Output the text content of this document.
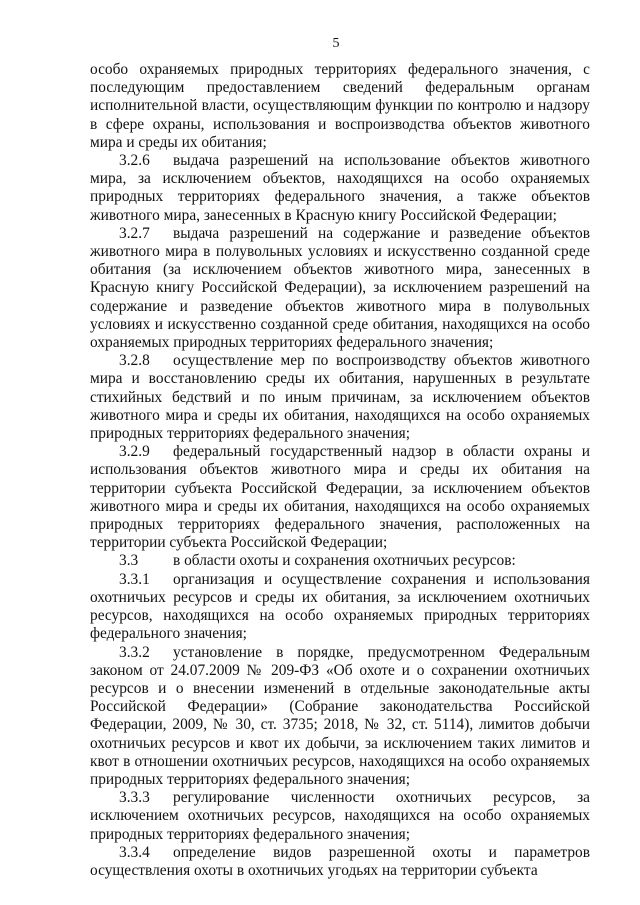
5

особо охраняемых природных территориях федерального значения, с последующим предоставлением сведений федеральным органам исполнительной власти, осуществляющим функции по контролю и надзору в сфере охраны, использования и воспроизводства объектов животного мира и среды их обитания;

3.2.6 выдача разрешений на использование объектов животного мира, за исключением объектов, находящихся на особо охраняемых природных территориях федерального значения, а также объектов животного мира, занесенных в Красную книгу Российской Федерации;

3.2.7 выдача разрешений на содержание и разведение объектов животного мира в полувольных условиях и искусственно созданной среде обитания (за исключением объектов животного мира, занесенных в Красную книгу Российской Федерации), за исключением разрешений на содержание и разведение объектов животного мира в полувольных условиях и искусственно созданной среде обитания, находящихся на особо охраняемых природных территориях федерального значения;

3.2.8 осуществление мер по воспроизводству объектов животного мира и восстановлению среды их обитания, нарушенных в результате стихийных бедствий и по иным причинам, за исключением объектов животного мира и среды их обитания, находящихся на особо охраняемых природных территориях федерального значения;

3.2.9 федеральный государственный надзор в области охраны и использования объектов животного мира и среды их обитания на территории субъекта Российской Федерации, за исключением объектов животного мира и среды их обитания, находящихся на особо охраняемых природных территориях федерального значения, расположенных на территории субъекта Российской Федерации;

3.3 в области охоты и сохранения охотничьих ресурсов:

3.3.1 организация и осуществление сохранения и использования охотничьих ресурсов и среды их обитания, за исключением охотничьих ресурсов, находящихся на особо охраняемых природных территориях федерального значения;

3.3.2 установление в порядке, предусмотренном Федеральным законом от 24.07.2009 № 209-ФЗ «Об охоте и о сохранении охотничьих ресурсов и о внесении изменений в отдельные законодательные акты Российской Федерации» (Собрание законодательства Российской Федерации, 2009, № 30, ст. 3735; 2018, № 32, ст. 5114), лимитов добычи охотничьих ресурсов и квот их добычи, за исключением таких лимитов и квот в отношении охотничьих ресурсов, находящихся на особо охраняемых природных территориях федерального значения;

3.3.3 регулирование численности охотничьих ресурсов, за исключением охотничьих ресурсов, находящихся на особо охраняемых природных территориях федерального значения;

3.3.4 определение видов разрешенной охоты и параметров осуществления охоты в охотничьих угодьях на территории субъекта
